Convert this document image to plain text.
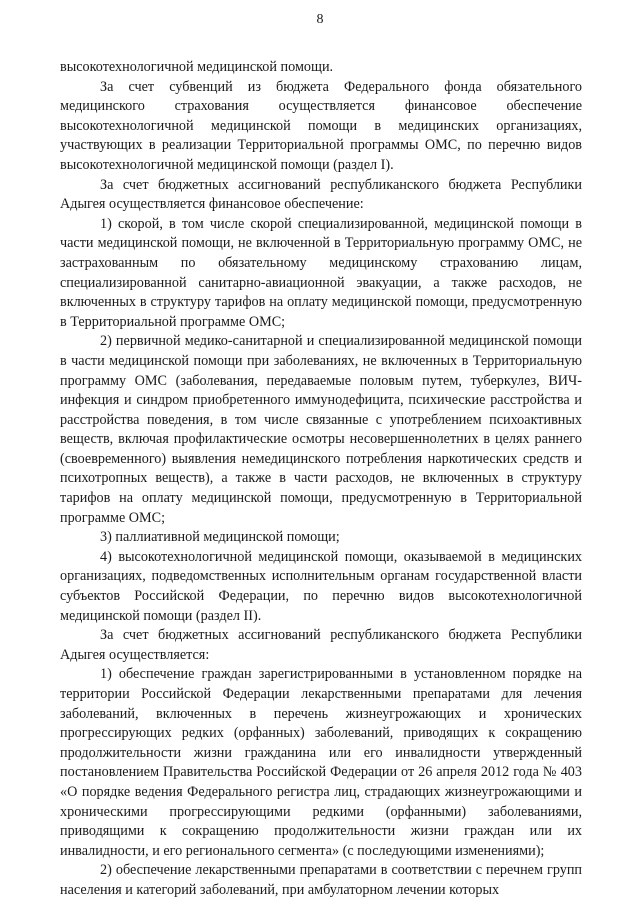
8

высокотехнологичной медицинской помощи.

За счет субвенций из бюджета Федерального фонда обязательного медицинского страхования осуществляется финансовое обеспечение высокотехнологичной медицинской помощи в медицинских организациях, участвующих в реализации Территориальной программы ОМС, по перечню видов высокотехнологичной медицинской помощи (раздел I).

За счет бюджетных ассигнований республиканского бюджета Республики Адыгея осуществляется финансовое обеспечение:

1) скорой, в том числе скорой специализированной, медицинской помощи в части медицинской помощи, не включенной в Территориальную программу ОМС, не застрахованным по обязательному медицинскому страхованию лицам, специализированной санитарно-авиационной эвакуации, а также расходов, не включенных в структуру тарифов на оплату медицинской помощи, предусмотренную в Территориальной программе ОМС;

2) первичной медико-санитарной и специализированной медицинской помощи в части медицинской помощи при заболеваниях, не включенных в Территориальную программу ОМС (заболевания, передаваемые половым путем, туберкулез, ВИЧ-инфекция и синдром приобретенного иммунодефицита, психические расстройства и расстройства поведения, в том числе связанные с употреблением психоактивных веществ, включая профилактические осмотры несовершеннолетних в целях раннего (своевременного) выявления немедицинского потребления наркотических средств и психотропных веществ), а также в части расходов, не включенных в структуру тарифов на оплату медицинской помощи, предусмотренную в Территориальной программе ОМС;

3) паллиативной медицинской помощи;

4) высокотехнологичной медицинской помощи, оказываемой в медицинских организациях, подведомственных исполнительным органам государственной власти субъектов Российской Федерации, по перечню видов высокотехнологичной медицинской помощи (раздел II).

За счет бюджетных ассигнований республиканского бюджета Республики Адыгея осуществляется:

1) обеспечение граждан зарегистрированными в установленном порядке на территории Российской Федерации лекарственными препаратами для лечения заболеваний, включенных в перечень жизнеугрожающих и хронических прогрессирующих редких (орфанных) заболеваний, приводящих к сокращению продолжительности жизни гражданина или его инвалидности утвержденный постановлением Правительства Российской Федерации от 26 апреля 2012 года № 403 «О порядке ведения Федерального регистра лиц, страдающих жизнеугрожающими и хроническими прогрессирующими редкими (орфанными) заболеваниями, приводящими к сокращению продолжительности жизни граждан или их инвалидности, и его регионального сегмента» (с последующими изменениями);

2) обеспечение лекарственными препаратами в соответствии с перечнем групп населения и категорий заболеваний, при амбулаторном лечении которых
